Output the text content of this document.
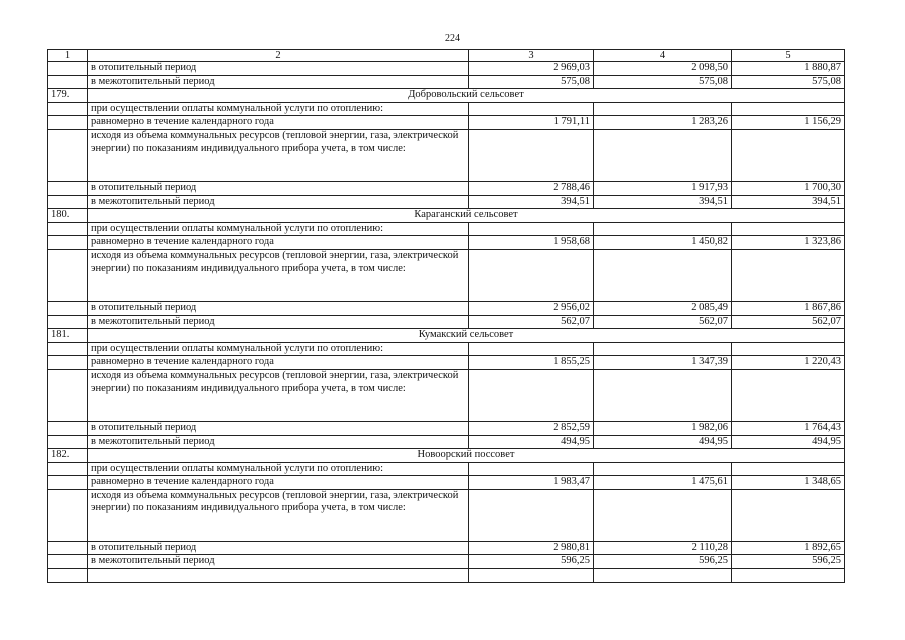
224
1	2	3	4	5
	в отопительный период	2 969,03	2 098,50	1 880,87
	в межотопительный период	575,08	575,08	575,08
179.	Добровольский сельсовет			
	при осуществлении оплаты коммунальной услуги по отоплению:			
	равномерно в течение календарного года	1 791,11	1 283,26	1 156,29
	исходя из объема коммунальных ресурсов (тепловой энергии, газа, электрической энергии) по показаниям индивидуального прибора учета, в том числе:			
	в отопительный период	2 788,46	1 917,93	1 700,30
	в межотопительный период	394,51	394,51	394,51
180.	Караганский сельсовет			
	при осуществлении оплаты коммунальной услуги по отоплению:			
	равномерно в течение календарного года	1 958,68	1 450,82	1 323,86
	исходя из объема коммунальных ресурсов (тепловой энергии, газа, электрической энергии) по показаниям индивидуального прибора учета, в том числе:			
	в отопительный период	2 956,02	2 085,49	1 867,86
	в межотопительный период	562,07	562,07	562,07
181.	Кумакский сельсовет			
	при осуществлении оплаты коммунальной услуги по отоплению:			
	равномерно в течение календарного года	1 855,25	1 347,39	1 220,43
	исходя из объема коммунальных ресурсов (тепловой энергии, газа, электрической энергии) по показаниям индивидуального прибора учета, в том числе:			
	в отопительный период	2 852,59	1 982,06	1 764,43
	в межотопительный период	494,95	494,95	494,95
182.	Новоорский поссовет			
	при осуществлении оплаты коммунальной услуги по отоплению:			
	равномерно в течение календарного года	1 983,47	1 475,61	1 348,65
	исходя из объема коммунальных ресурсов (тепловой энергии, газа, электрической энергии) по показаниям индивидуального прибора учета, в том числе:			
	в отопительный период	2 980,81	2 110,28	1 892,65
	в межотопительный период	596,25	596,25	596,25
